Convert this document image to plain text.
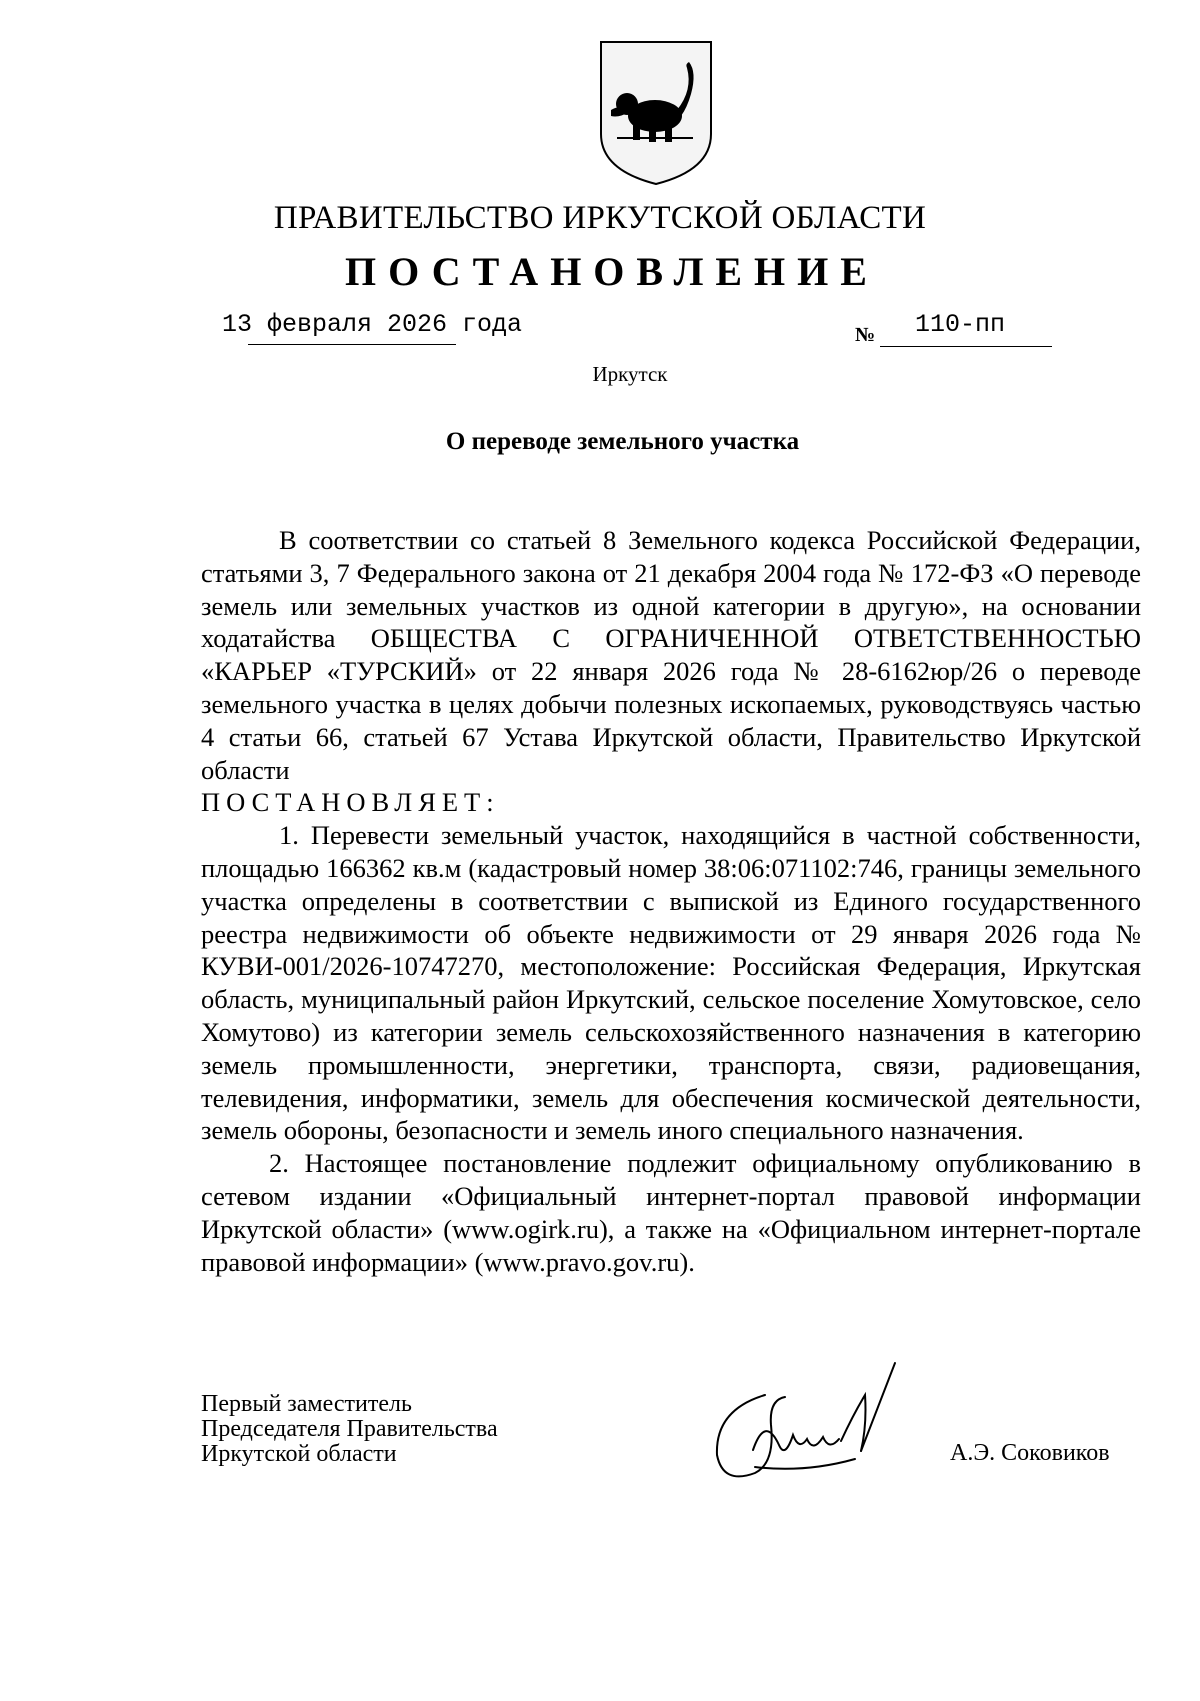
ПРАВИТЕЛЬСТВО ИРКУТСКОЙ ОБЛАСТИ
ПОСТАНОВЛЕНИЕ
13 февраля 2026 года	№ 110-пп
Иркутск
О переводе земельного участка

В соответствии со статьей 8 Земельного кодекса Российской Федерации, статьями 3, 7 Федерального закона от 21 декабря 2004 года № 172-ФЗ «О переводе земель или земельных участков из одной категории в другую», на основании ходатайства ОБЩЕСТВА С ОГРАНИЧЕННОЙ ОТВЕТСТВЕННОСТЬЮ «КАРЬЕР «ТУРСКИЙ» от 22 января 2026 года № 28-6162юр/26 о переводе земельного участка в целях добычи полезных ископаемых, руководствуясь частью 4 статьи 66, статьей 67 Устава Иркутской области, Правительство Иркутской области

ПОСТАНОВЛЯЕТ:

1. Перевести земельный участок, находящийся в частной собственности, площадью 166362 кв.м (кадастровый номер 38:06:071102:746, границы земельного участка определены в соответствии с выпиской из Единого государственного реестра недвижимости об объекте недвижимости от 29 января 2026 года № КУВИ-001/2026-10747270, местоположение: Российская Федерация, Иркутская область, муниципальный район Иркутский, сельское поселение Хомутовское, село Хомутово) из категории земель сельскохозяйственного назначения в категорию земель промышленности, энергетики, транспорта, связи, радиовещания, телевидения, информатики, земель для обеспечения космической деятельности, земель обороны, безопасности и земель иного специального назначения.

2. Настоящее постановление подлежит официальному опубликованию в сетевом издании «Официальный интернет-портал правовой информации Иркутской области» (www.ogirk.ru), а также на «Официальном интернет-портале правовой информации» (www.pravo.gov.ru).

Первый заместитель
Председателя Правительства
Иркутской области	А.Э. Соковиков
